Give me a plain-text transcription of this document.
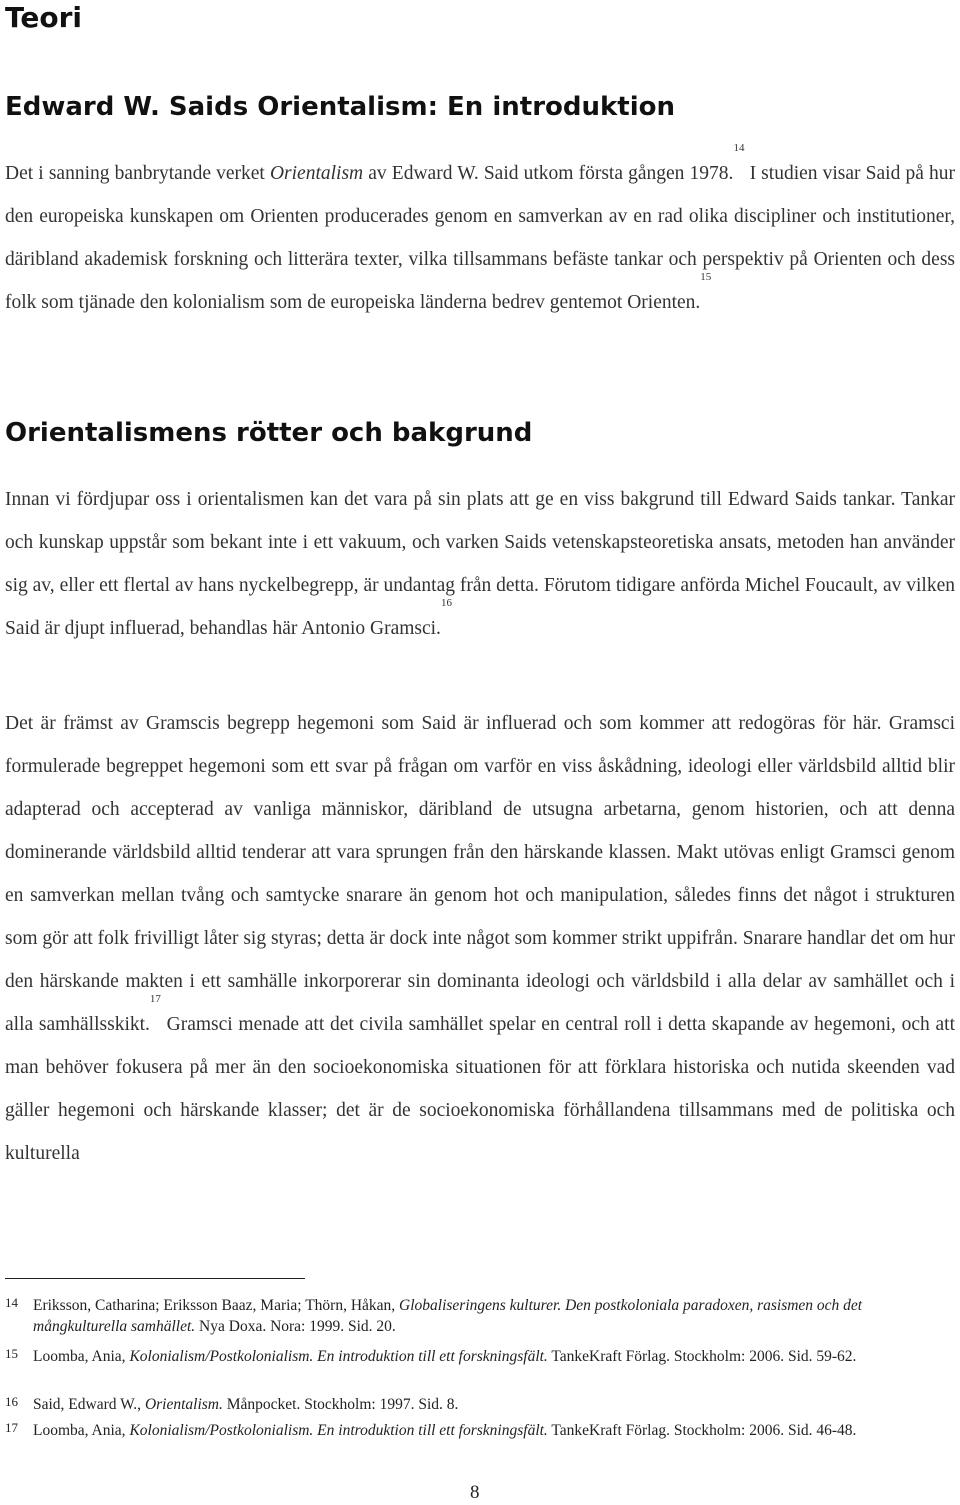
Teori
Edward W. Saids Orientalism: En introduktion

Det i sanning banbrytande verket Orientalism av Edward W. Said utkom första gången 1978.14 I studien visar Said på hur den europeiska kunskapen om Orienten producerades genom en samverkan av en rad olika discipliner och institutioner, däribland akademisk forskning och litterära texter, vilka tillsammans befäste tankar och perspektiv på Orienten och dess folk som tjänade den kolonialism som de europeiska länderna bedrev gentemot Orienten.$^{15}$

Orientalismens rötter och bakgrund

Innan vi fördjupar oss i orientalismen kan det vara på sin plats att ge en viss bakgrund till Edward Saids tankar. Tankar och kunskap uppstår som bekant inte i ett vakuum, och varken Saids vetenskapsteoretiska ansats, metoden han använder sig av, eller ett flertal av hans nyckelbegrepp, är undantag från detta. Förutom tidigare anförda Michel Foucault, av vilken Said är djupt influerad, behandlas här Antonio Gramsci.$^{16}$

Det är främst av Gramscis begrepp hegemoni som Said är influerad och som kommer att redogöras för här. Gramsci formulerade begreppet hegemoni som ett svar på frågan om varför en viss åskådning, ideologi eller världsbild alltid blir adapterad och accepterad av vanliga människor, däribland de utsugna arbetarna, genom historien, och att denna dominerande världsbild alltid tenderar att vara sprungen från den härskande klassen. Makt utövas enligt Gramsci genom en samverkan mellan tvång och samtycke snarare än genom hot och manipulation, således finns det något i strukturen som gör att folk frivilligt låter sig styras; detta är dock inte något som kommer strikt uppifrån. Snarare handlar det om hur den härskande makten i ett samhälle inkorporerar sin dominanta ideologi och världsbild i alla delar av samhället och i alla samhällsskikt.$^{17}$ Gramsci menade att det civila samhället spelar en central roll i detta skapande av hegemoni, och att man behöver fokusera på mer än den socioekonomiska situationen för att förklara historiska och nutida skeenden vad gäller hegemoni och härskande klasser; det är de socioekonomiska förhållandena tillsammans med de politiska och kulturella

14 Eriksson, Catharina; Eriksson Baaz, Maria; Thörn, Håkan, Globaliseringens kulturer. Den postkoloniala paradoxen, rasismen och det mångkulturella samhället. Nya Doxa. Nora: 1999. Sid. 20.
15 Loomba, Ania, Kolonialism/Postkolonialism. En introduktion till ett forskningsfält. TankeKraft Förlag. Stockholm: 2006. Sid. 59-62.
16 Said, Edward W., Orientalism. Månpocket. Stockholm: 1997. Sid. 8.
17 Loomba, Ania, Kolonialism/Postkolonialism. En introduktion till ett forskningsfält. TankeKraft Förlag. Stockholm: 2006. Sid. 46-48.
8
